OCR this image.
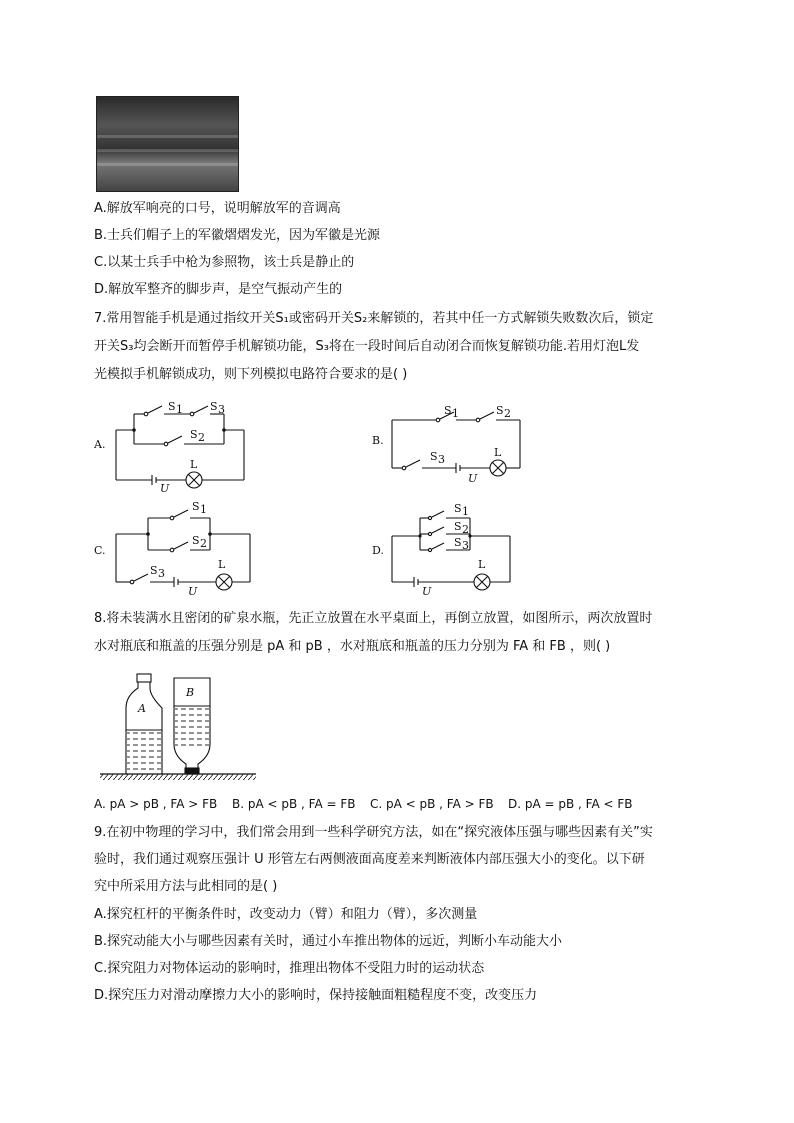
A.解放军响亮的口号，说明解放军的音调高
B.士兵们帽子上的军徽熠熠发光，因为军徽是光源
C.以某士兵手中枪为参照物，该士兵是静止的
D.解放军整齐的脚步声，是空气振动产生的
7.常用智能手机是通过指纹开关S₁或密码开关S₂来解锁的，若其中任一方式解锁失败数次后，锁定
开关S₃均会断开而暂停手机解锁功能，S₃将在一段时间后自动闭合而恢复解锁功能.若用灯泡L发
光模拟手机解锁成功，则下列模拟电路符合要求的是( )
A.
S 1 S 3
S 2
L
U
B.
S 1	S 2
S 3
L
U
C.
S 1
S 2
S 3
L
U
D.
S 1
S 2
S 3
L
U
8.将未装满水且密闭的矿泉水瓶，先正立放置在水平桌面上，再倒立放置，如图所示，两次放置时
水对瓶底和瓶盖的压强分别是 pA 和 pB ，水对瓶底和瓶盖的压力分别为 FA 和 FB ，则( )
A
B
A. pA > pB , FA > FB B. pA < pB , FA = FB C. pA < pB , FA > FB D. pA = pB , FA < FB
9.在初中物理的学习中，我们常会用到一些科学研究方法，如在“探究液体压强与哪些因素有关”实
验时，我们通过观察压强计 U 形管左右两侧液面高度差来判断液体内部压强大小的变化。以下研
究中所采用方法与此相同的是( )
A.探究杠杆的平衡条件时，改变动力（臂）和阻力（臂），多次测量
B.探究动能大小与哪些因素有关时，通过小车推出物体的远近，判断小车动能大小
C.探究阻力对物体运动的影响时，推理出物体不受阻力时的运动状态
D.探究压力对滑动摩擦力大小的影响时，保持接触面粗糙程度不变，改变压力
